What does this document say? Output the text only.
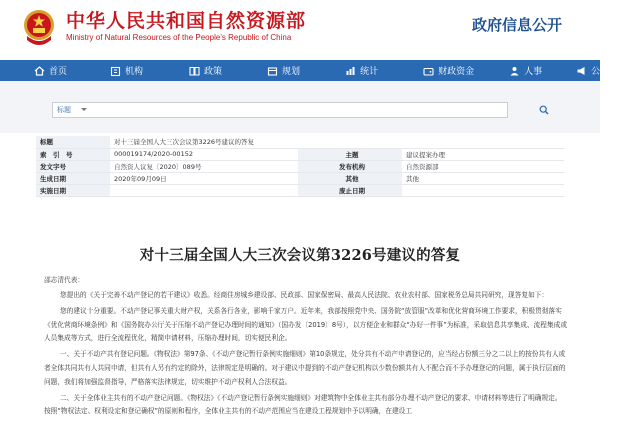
中华人民共和国自然资源部
Ministry of Natural Resources of the People’s Republic of China
政府信息公开
首页	机构	政策	规划	统计	财政资金	人事	公告公示
标题
标题	对十三届全国人大三次会议第3226号建议的答复		
索  引  号	000019174/2020-00152	主题	建议提案办理
发文字号	自然资人议复〔2020〕089号	发布机构	自然资源部
生成日期	2020年09月09日	其他	其他
实施日期		废止日期	
对十三届全国人大三次会议第3226号建议的答复
邵志清代表：

您提出的《关于完善不动产登记的若干建议》收悉。经商住房城乡建设部、民政部、国家保密局、最高人民法院、农业农村部、国家税务总局共同研究，现答复如下：

您的建议十分重要。不动产登记事关重大财产权，关系各行各业，影响千家万户。近年来，我部按照党中央、国务院“放管服”改革和优化营商环境工作要求，积极贯彻落实《优化营商环境条例》和《国务院办公厅关于压缩不动产登记办理时间的通知》（国办发〔2019〕8号），以方便企业和群众“办好一件事”为标准，采取信息共享集成、流程集成或人员集成等方式，进行全流程优化，精简申请材料，压缩办理时间，切实便民利企。

一、关于不动产共有登记问题。《物权法》第97条、《不动产登记暂行条例实施细则》第10条规定，处分共有不动产申请登记的，应当经占份额三分之二以上的按份共有人或者全体共同共有人共同申请，但共有人另有约定的除外，法律规定是明确的。对于建议中提到的不动产登记机构以少数份额共有人不配合而不予办理登记的问题，属于执行层面的问题，我们将加强监督指导，严格落实法律规定，切实维护不动产权利人合法权益。

二、关于全体业主共有的不动产登记问题。《物权法》《不动产登记暂行条例实施细则》对建筑物中全体业主共有部分办理不动产登记的要求、申请材料等进行了明确规定。按照“物权法定、权利设定和登记确权”的原则和程序，全体业主共有的不动产范围应当在建设工程规划中予以明确，在建设工
